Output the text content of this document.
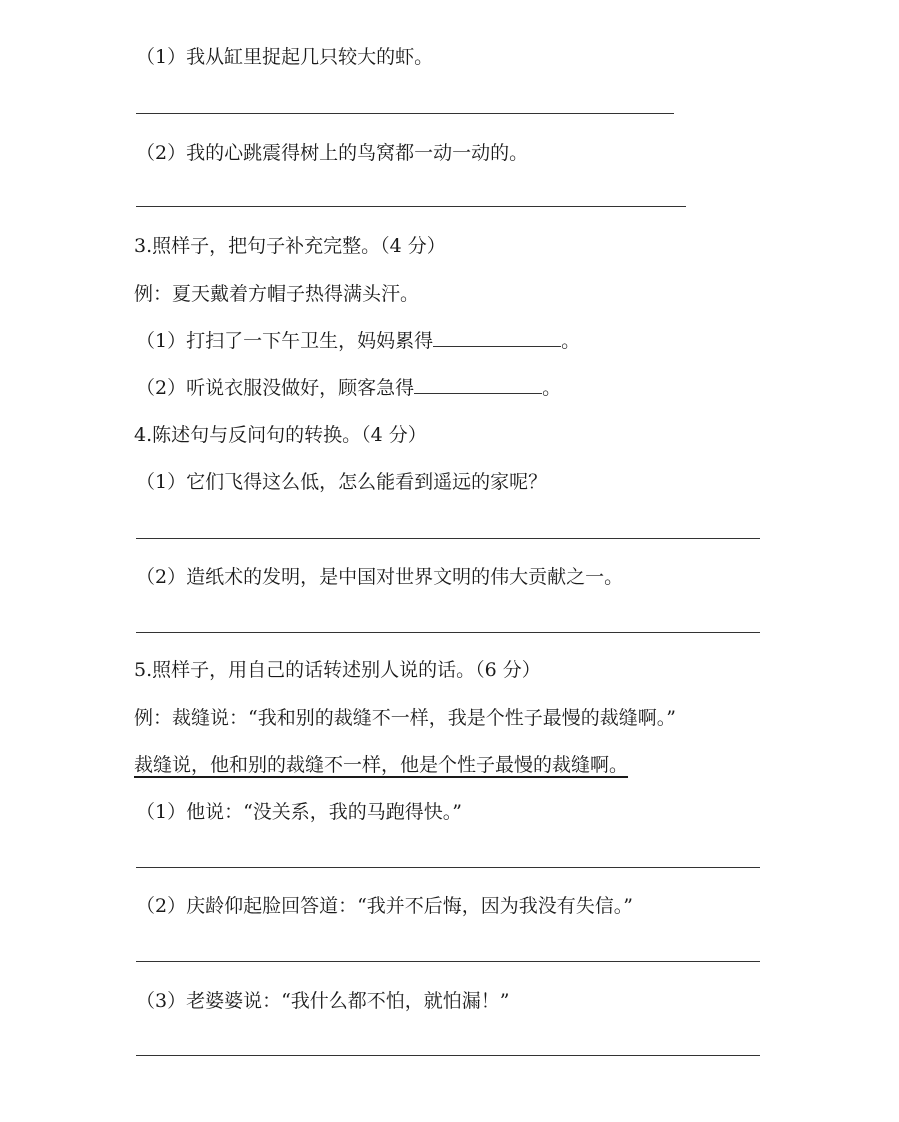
（1）我从缸里捉起几只较大的虾。

（2）我的心跳震得树上的鸟窝都一动一动的。

3.照样子，把句子补充完整。（4 分）

例：夏天戴着方帽子热得满头汗。

（1）打扫了一下午卫生，妈妈累得	。

（2）听说衣服没做好，顾客急得	。

4.陈述句与反问句的转换。（4 分）

（1）它们飞得这么低，怎么能看到遥远的家呢？

（2）造纸术的发明，是中国对世界文明的伟大贡献之一。

5.照样子，用自己的话转述别人说的话。（6 分）

例：裁缝说：“我和别的裁缝不一样，我是个性子最慢的裁缝啊。”

裁缝说，他和别的裁缝不一样，他是个性子最慢的裁缝啊。

（1）他说：“没关系，我的马跑得快。”

（2）庆龄仰起脸回答道：“我并不后悔，因为我没有失信。”

（3）老婆婆说：“我什么都不怕，就怕漏！”
